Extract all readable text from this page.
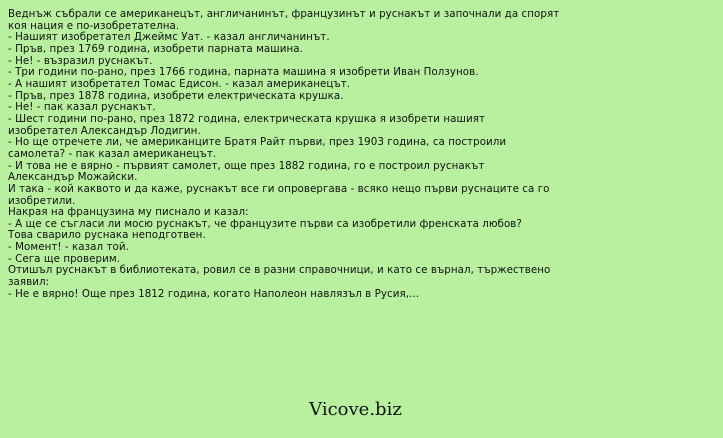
Веднъж събрали се американецът, англичанинът, французинът и руснакът и започнали да спорят
коя нация е по-изобретателна.
- Нашият изобретател Джеймс Уат. - казал англичанинът.
- Пръв, през 1769 година, изобрети парната машина.
- Не! - възразил руснакът.
- Три години по-рано, през 1766 година, парната машина я изобрети Иван Ползунов.
- А нашият изобретател Томас Едисон. - казал американецът.
- Пръв, през 1878 година, изобрети електрическата крушка.
- Не! - пак казал руснакът.
- Шест години по-рано, през 1872 година, електрическата крушка я изобрети нашият
изобретател Александър Лодигин.
- Но ще отречете ли, че американците Братя Райт първи, през 1903 година, са построили
самолета? - пак казал американецът.
- И това не е вярно - първият самолет, още през 1882 година, го е построил руснакът
Александър Можайски.
И така - кой каквото и да каже, руснакът все ги опровергава - всяко нещо първи руснаците са го
изобретили.
Накрая на французина му писнало и казал:
- А ще се съгласи ли мосю руснакът, че французите първи са изобретили френската любов?
Това сварило руснака неподготвен.
- Момент! - казал той.
- Сега ще проверим.
Отишъл руснакът в библиотеката, ровил се в разни справочници, и като се върнал, тържествено
заявил:
- Не е вярно! Още през 1812 година, когато Наполеон навлязъл в Русия,...
Vicove.biz
